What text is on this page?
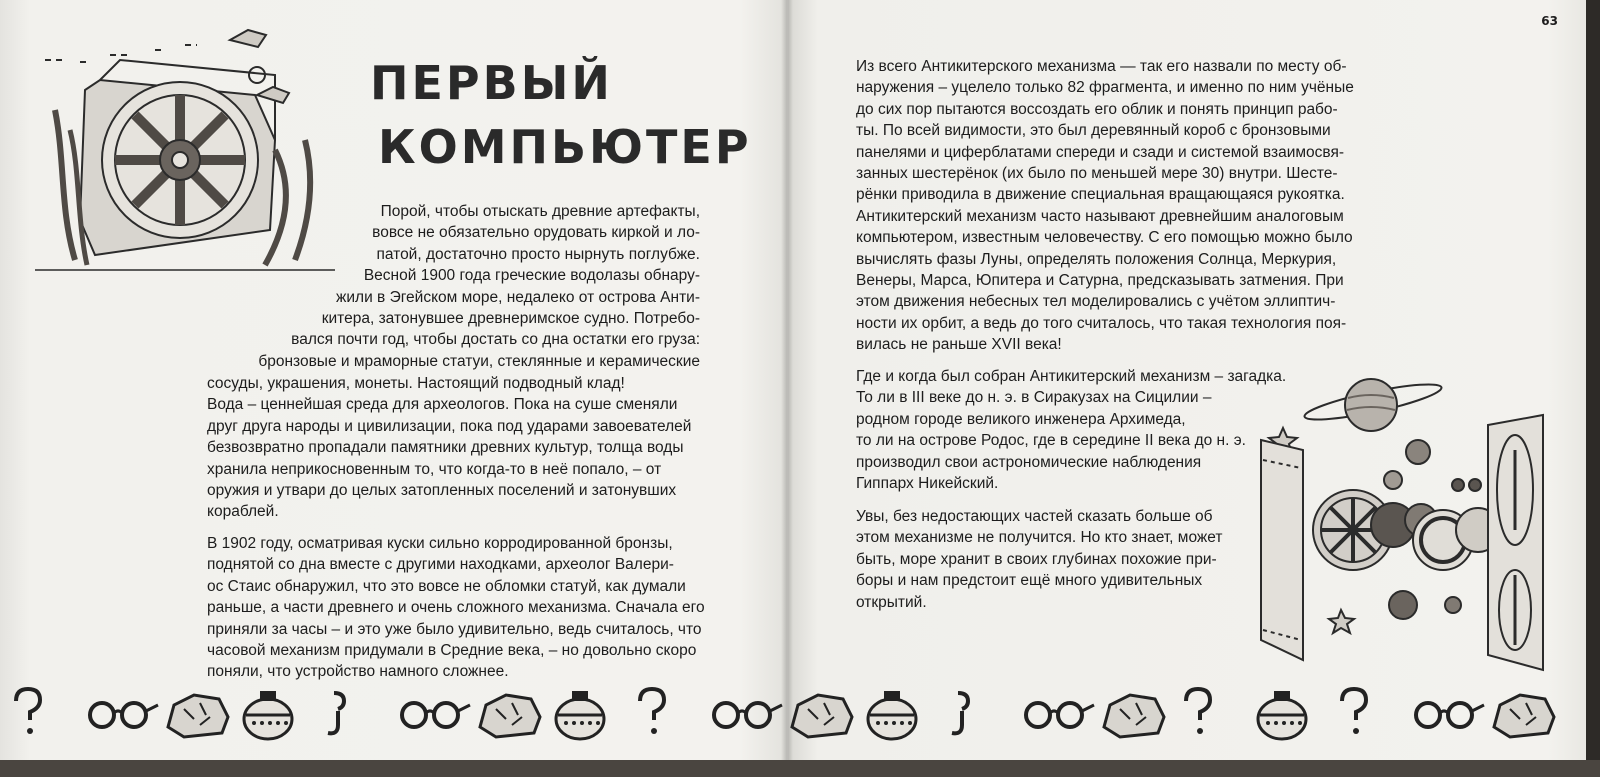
ПЕРВЫЙ
КОМПЬЮТЕР

Порой, чтобы отыскать древние артефакты,
вовсе не обязательно орудовать киркой и ло-
патой, достаточно просто нырнуть поглубже.
Весной 1900 года греческие водолазы обнару-
жили в Эгейском море, недалеко от острова Анти-
китера, затонувшее древнеримское судно. Потребо-
вался почти год, чтобы достать со дна остатки его груза:
бронзовые и мраморные статуи, стеклянные и керамические

сосуды, украшения, монеты. Настоящий подводный клад!
Вода – ценнейшая среда для археологов. Пока на суше сменяли
друг друга народы и цивилизации, пока под ударами завоевателей
безвозвратно пропадали памятники древних культур, толща воды
хранила неприкосновенным то, что когда-то в неё попало, – от
оружия и утвари до целых затопленных поселений и затонувших
кораблей.

В 1902 году, осматривая куски сильно корродированной бронзы,
поднятой со дна вместе с другими находками, археолог Валери-
ос Стаис обнаружил, что это вовсе не обломки статуй, как думали
раньше, а части древнего и очень сложного механизма. Сначала его
приняли за часы – и это уже было удивительно, ведь считалось, что
часовой механизм придумали в Средние века, – но довольно скоро
поняли, что устройство намного сложнее.

63

Из всего Антикитерского механизма — так его назвали по месту об-
наружения – уцелело только 82 фрагмента, и именно по ним учёные
до сих пор пытаются воссоздать его облик и понять принцип рабо-
ты. По всей видимости, это был деревянный короб с бронзовыми
панелями и циферблатами спереди и сзади и системой взаимосвя-
занных шестерёнок (их было по меньшей мере 30) внутри. Шесте-
рёнки приводила в движение специальная вращающаяся рукоятка.
Антикитерский механизм часто называют древнейшим аналоговым
компьютером, известным человечеству. С его помощью можно было
вычислять фазы Луны, определять положения Солнца, Меркурия,
Венеры, Марса, Юпитера и Сатурна, предсказывать затмения. При
этом движения небесных тел моделировались с учётом эллиптич-
ности их орбит, а ведь до того считалось, что такая технология поя-
вилась не раньше XVII века!

Где и когда был собран Антикитерский механизм – загадка.
То ли в III веке до н. э. в Сиракузах на Сицилии –
родном городе великого инженера Архимеда,
то ли на острове Родос, где в середине II века до н. э.
производил свои астрономические наблюдения
Гиппарх Никейский.

Увы, без недостающих частей сказать больше об
этом механизме не получится. Но кто знает, может
быть, море хранит в своих глубинах похожие при-
боры и нам предстоит ещё много удивительных
открытий.
